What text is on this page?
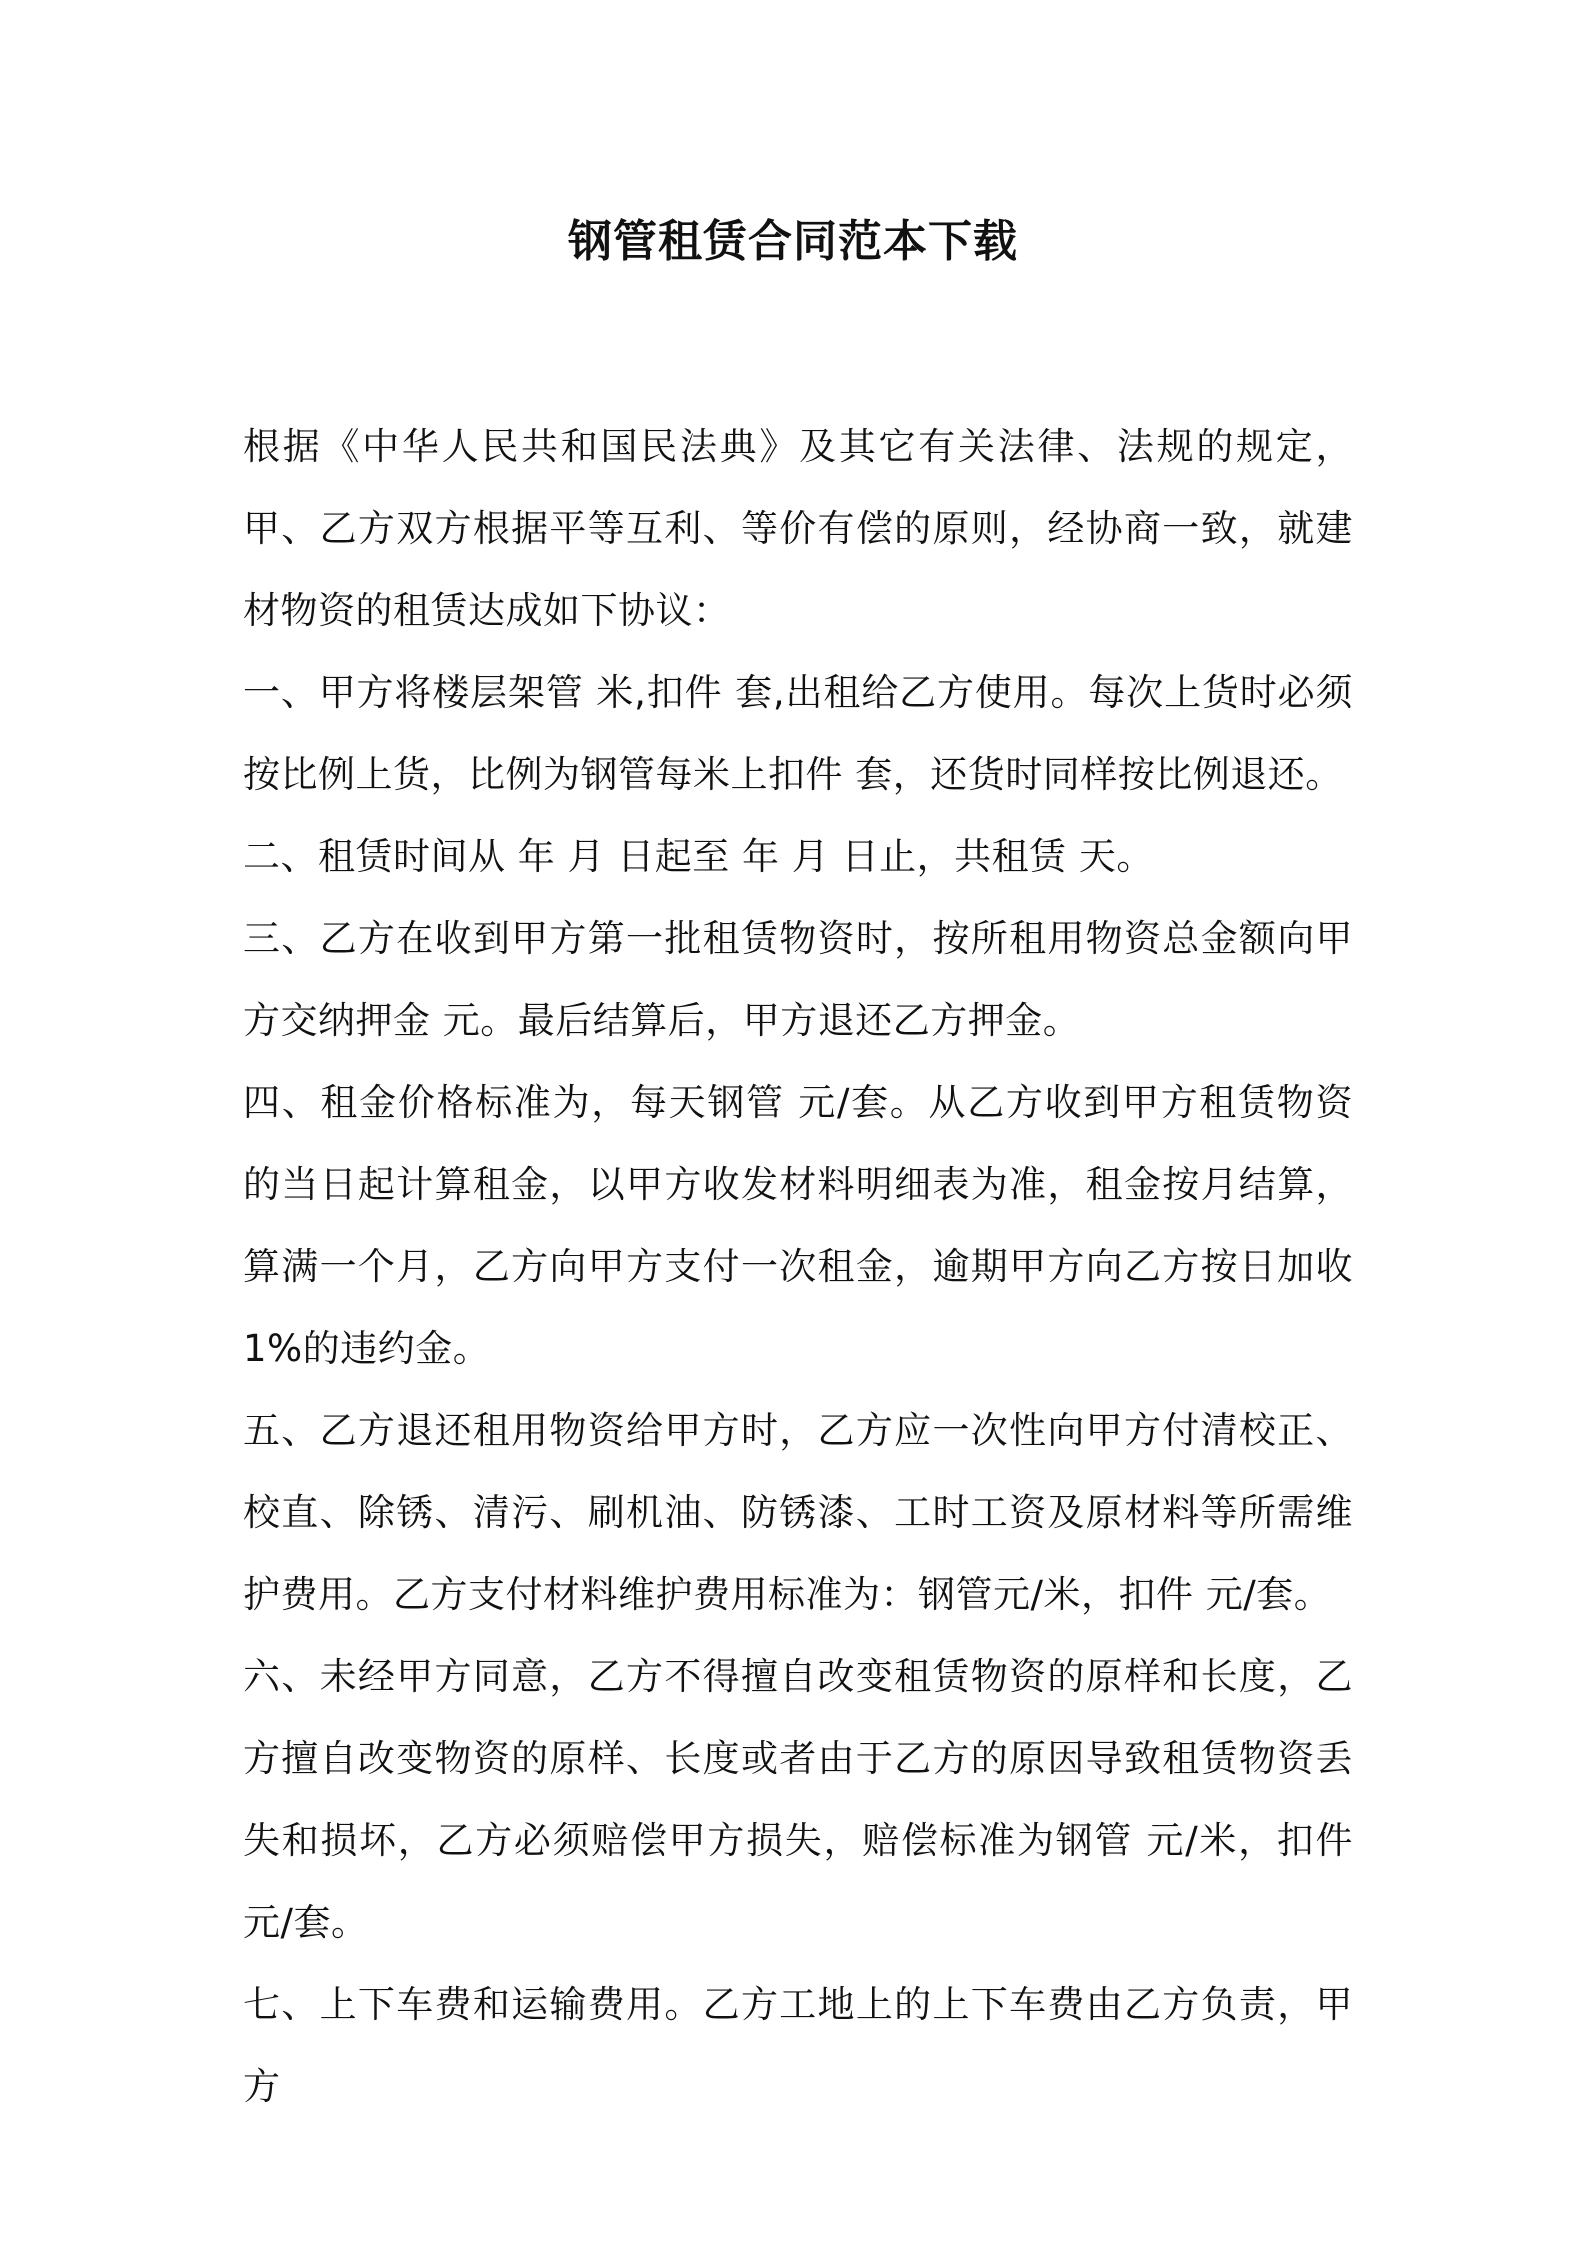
钢管租赁合同范本下载

根据《中华人民共和国民法典》及其它有关法律、法规的规定，甲、乙方双方根据平等互利、等价有偿的原则，经协商一致，就建材物资的租赁达成如下协议：

一、甲方将楼层架管 米,扣件 套,出租给乙方使用。每次上货时必须按比例上货，比例为钢管每米上扣件 套，还货时同样按比例退还。

二、租赁时间从 年 月 日起至 年 月 日止，共租赁 天。

三、乙方在收到甲方第一批租赁物资时，按所租用物资总金额向甲方交纳押金 元。最后结算后，甲方退还乙方押金。

四、租金价格标准为，每天钢管 元/套。从乙方收到甲方租赁物资的当日起计算租金，以甲方收发材料明细表为准，租金按月结算，算满一个月，乙方向甲方支付一次租金，逾期甲方向乙方按日加收 1%的违约金。

五、乙方退还租用物资给甲方时，乙方应一次性向甲方付清校正、校直、除锈、清污、刷机油、防锈漆、工时工资及原材料等所需维护费用。乙方支付材料维护费用标准为：钢管元/米，扣件 元/套。

六、未经甲方同意，乙方不得擅自改变租赁物资的原样和长度，乙方擅自改变物资的原样、长度或者由于乙方的原因导致租赁物资丢失和损坏，乙方必须赔偿甲方损失，赔偿标准为钢管 元/米，扣件 元/套。

七、上下车费和运输费用。乙方工地上的上下车费由乙方负责，甲方
